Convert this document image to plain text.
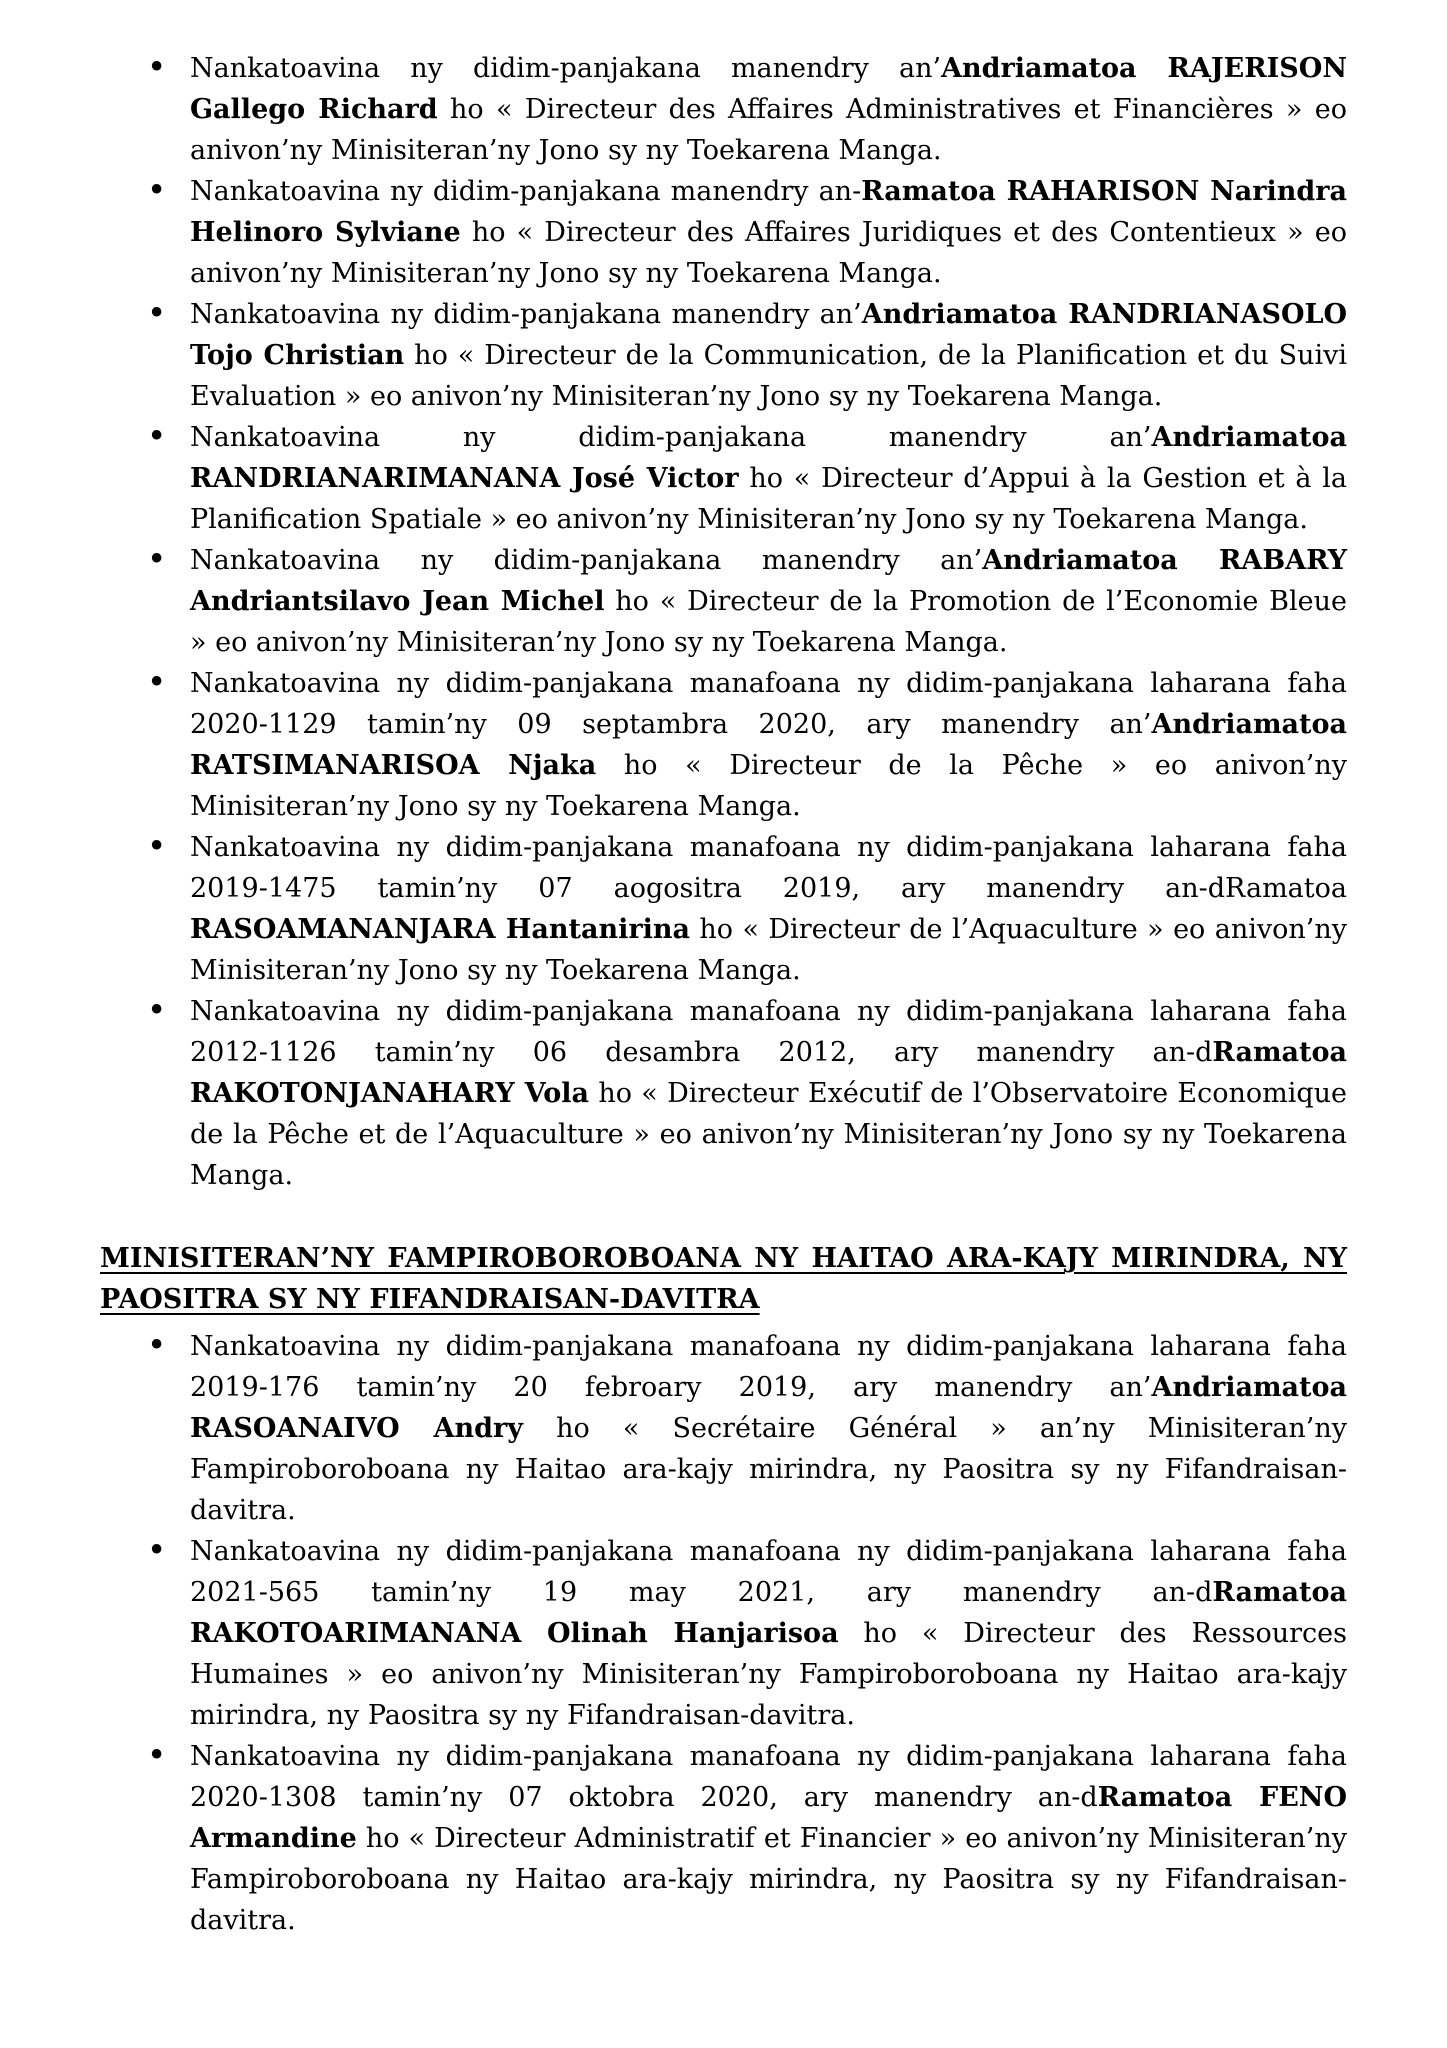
• Nankatoavina ny didim-panjakana manendry an’Andriamatoa RAJERISON Gallego Richard ho « Directeur des Affaires Administratives et Financières » eo anivon’ny Minisiteran’ny Jono sy ny Toekarena Manga.
• Nankatoavina ny didim-panjakana manendry an-Ramatoa RAHARISON Narindra Helinoro Sylviane ho « Directeur des Affaires Juridiques et des Contentieux » eo anivon’ny Minisiteran’ny Jono sy ny Toekarena Manga.
• Nankatoavina ny didim-panjakana manendry an’Andriamatoa RANDRIANASOLO Tojo Christian ho « Directeur de la Communication, de la Planification et du Suivi Evaluation » eo anivon’ny Minisiteran’ny Jono sy ny Toekarena Manga.
• Nankatoavina ny didim-panjakana manendry an’Andriamatoa RANDRIANARIMANANA José Victor ho « Directeur d’Appui à la Gestion et à la Planification Spatiale » eo anivon’ny Minisiteran’ny Jono sy ny Toekarena Manga.
• Nankatoavina ny didim-panjakana manendry an’Andriamatoa RABARY Andriantsilavo Jean Michel ho « Directeur de la Promotion de l’Economie Bleue » eo anivon’ny Minisiteran’ny Jono sy ny Toekarena Manga.
• Nankatoavina ny didim-panjakana manafoana ny didim-panjakana laharana faha 2020-1129 tamin’ny 09 septambra 2020, ary manendry an’Andriamatoa RATSIMANARISOA Njaka ho « Directeur de la Pêche » eo anivon’ny Minisiteran’ny Jono sy ny Toekarena Manga.
• Nankatoavina ny didim-panjakana manafoana ny didim-panjakana laharana faha 2019-1475 tamin’ny 07 aogositra 2019, ary manendry an-dRamatoa RASOAMANANJARA Hantanirina ho « Directeur de l’Aquaculture » eo anivon’ny Minisiteran’ny Jono sy ny Toekarena Manga.
• Nankatoavina ny didim-panjakana manafoana ny didim-panjakana laharana faha 2012-1126 tamin’ny 06 desambra 2012, ary manendry an-dRamatoa RAKOTONJANAHARY Vola ho « Directeur Exécutif de l’Observatoire Economique de la Pêche et de l’Aquaculture » eo anivon’ny Minisiteran’ny Jono sy ny Toekarena Manga.
MINISITERAN’NY FAMPIROBOROBOANA NY HAITAO ARA-KAJY MIRINDRA, NY PAOSITRA SY NY FIFANDRAISAN-DAVITRA
• Nankatoavina ny didim-panjakana manafoana ny didim-panjakana laharana faha 2019-176 tamin’ny 20 febroary 2019, ary manendry an’Andriamatoa RASOANAIVO Andry ho « Secrétaire Général » an’ny Minisiteran’ny Fampiroboroboana ny Haitao ara-kajy mirindra, ny Paositra sy ny Fifandraisan-davitra.
• Nankatoavina ny didim-panjakana manafoana ny didim-panjakana laharana faha 2021-565 tamin’ny 19 may 2021, ary manendry an-dRamatoa RAKOTOARIMANANA Olinah Hanjarisoa ho « Directeur des Ressources Humaines » eo anivon’ny Minisiteran’ny Fampiroboroboana ny Haitao ara-kajy mirindra, ny Paositra sy ny Fifandraisan-davitra.
• Nankatoavina ny didim-panjakana manafoana ny didim-panjakana laharana faha 2020-1308 tamin’ny 07 oktobra 2020, ary manendry an-dRamatoa FENO Armandine ho « Directeur Administratif et Financier » eo anivon’ny Minisiteran’ny Fampiroboroboana ny Haitao ara-kajy mirindra, ny Paositra sy ny Fifandraisan-davitra.
